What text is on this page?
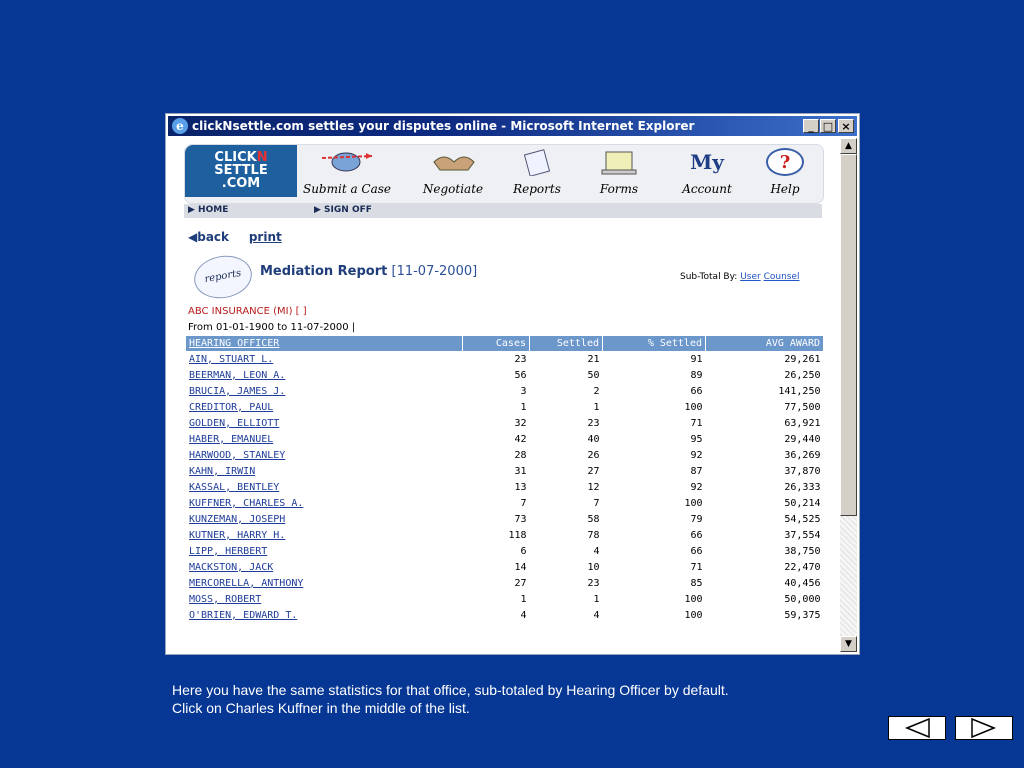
e clickNsettle.com settles your disputes online - Microsoft Internet Explorer	_ □ ×
CLICKN
SETTLE
.COM	Submit a Case	Negotiate	Reports	Forms
My
Account
?
Help
▶ HOME	▶ SIGN OFF
◀back print
reports	Mediation Report [11-07-2000]	Sub-Total By: User Counsel
ABC INSURANCE (MI) [ ]
From 01-01-1900 to 11-07-2000 |
HEARING OFFICER	Cases	Settled	% Settled	AVG AWARD
AIN, STUART L.	23	21	91	29,261
BEERMAN, LEON A.	56	50	89	26,250
BRUCIA, JAMES J.	3	2	66	141,250
CREDITOR, PAUL	1	1	100	77,500
GOLDEN, ELLIOTT	32	23	71	63,921
HABER, EMANUEL	42	40	95	29,440
HARWOOD, STANLEY	28	26	92	36,269
KAHN, IRWIN	31	27	87	37,870
KASSAL, BENTLEY	13	12	92	26,333
KUFFNER, CHARLES A.	7	7	100	50,214
KUNZEMAN, JOSEPH	73	58	79	54,525
KUTNER, HARRY H.	118	78	66	37,554
LIPP, HERBERT	6	4	66	38,750
MACKSTON, JACK	14	10	71	22,470
MERCORELLA, ANTHONY	27	23	85	40,456
MOSS, ROBERT	1	1	100	50,000
O'BRIEN, EDWARD T.	4	4	100	59,375
▲
▼
Here you have the same statistics for that office, sub-totaled by Hearing Officer by default.
Click on Charles Kuffner in the middle of the list.
